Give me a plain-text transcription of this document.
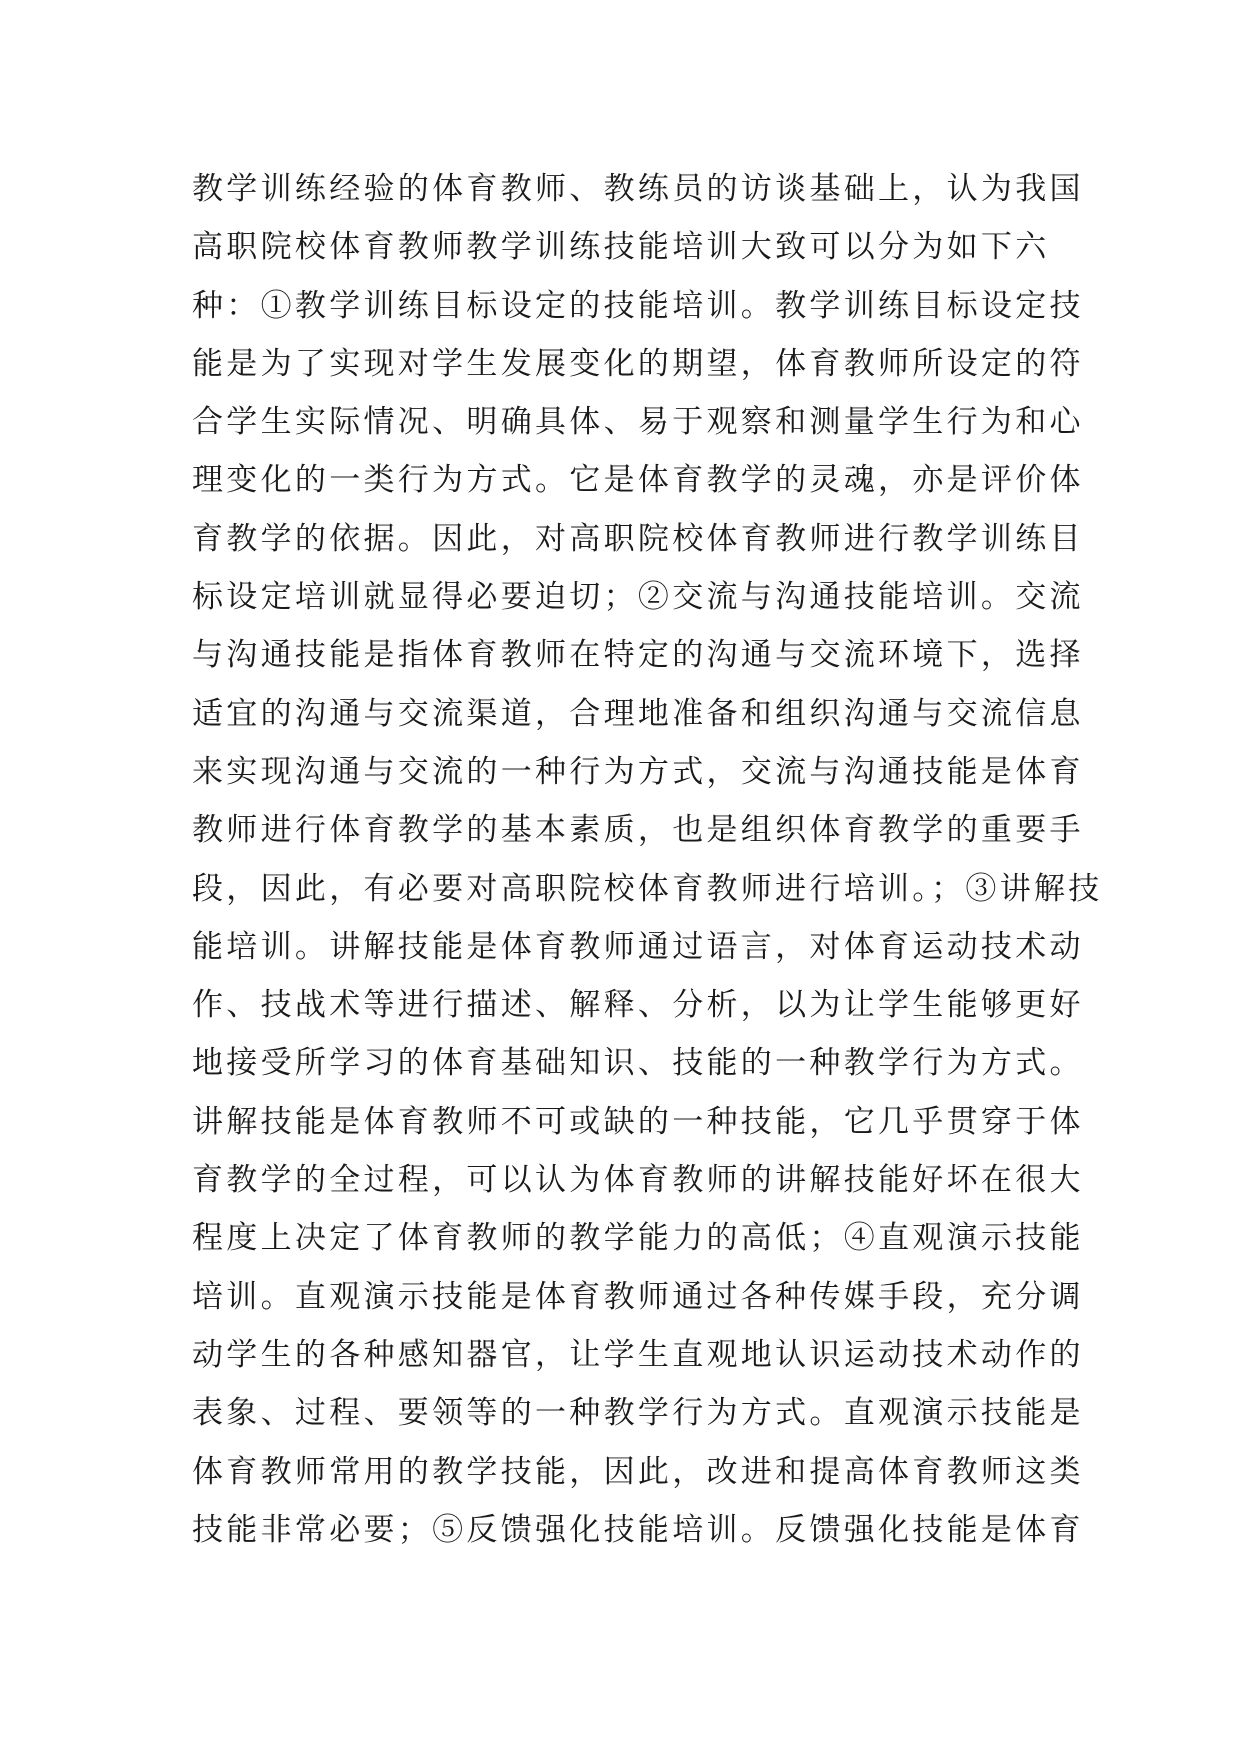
教学训练经验的体育教师、教练员的访谈基础上，认为我国
高职院校体育教师教学训练技能培训大致可以分为如下六
种：①教学训练目标设定的技能培训。教学训练目标设定技
能是为了实现对学生发展变化的期望，体育教师所设定的符
合学生实际情况、明确具体、易于观察和测量学生行为和心
理变化的一类行为方式。它是体育教学的灵魂，亦是评价体
育教学的依据。因此，对高职院校体育教师进行教学训练目
标设定培训就显得必要迫切；②交流与沟通技能培训。交流
与沟通技能是指体育教师在特定的沟通与交流环境下，选择
适宜的沟通与交流渠道，合理地准备和组织沟通与交流信息
来实现沟通与交流的一种行为方式，交流与沟通技能是体育
教师进行体育教学的基本素质，也是组织体育教学的重要手
段，因此，有必要对高职院校体育教师进行培训。；③讲解技
能培训。讲解技能是体育教师通过语言，对体育运动技术动
作、技战术等进行描述、解释、分析，以为让学生能够更好
地接受所学习的体育基础知识、技能的一种教学行为方式。
讲解技能是体育教师不可或缺的一种技能，它几乎贯穿于体
育教学的全过程，可以认为体育教师的讲解技能好坏在很大
程度上决定了体育教师的教学能力的高低；④直观演示技能
培训。直观演示技能是体育教师通过各种传媒手段，充分调
动学生的各种感知器官，让学生直观地认识运动技术动作的
表象、过程、要领等的一种教学行为方式。直观演示技能是
体育教师常用的教学技能，因此，改进和提高体育教师这类
技能非常必要；⑤反馈强化技能培训。反馈强化技能是体育
